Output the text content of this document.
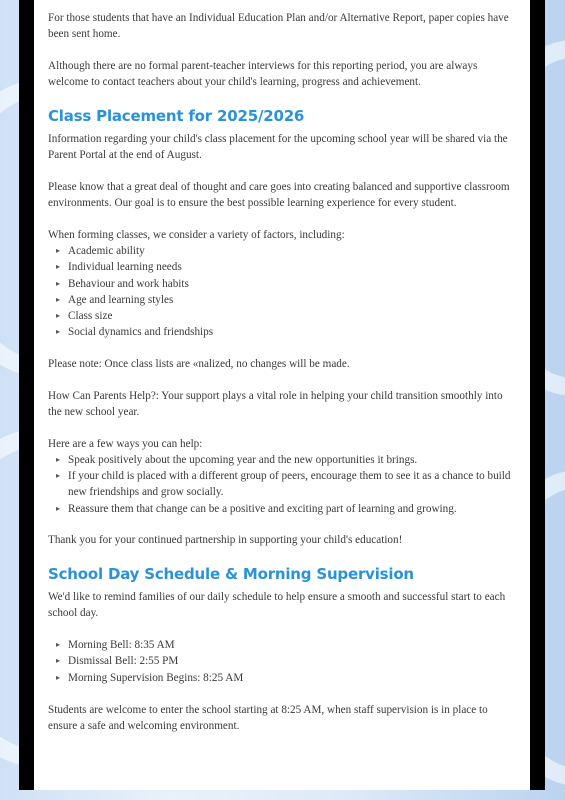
For those students that have an Individual Education Plan and/or Alternative Report, paper copies have been sent home.

Although there are no formal parent-teacher interviews for this reporting period, you are always welcome to contact teachers about your child's learning, progress and achievement.

Class Placement for 2025/2026

Information regarding your child's class placement for the upcoming school year will be shared via the Parent Portal at the end of August.

Please know that a great deal of thought and care goes into creating balanced and supportive classroom environments. Our goal is to ensure the best possible learning experience for every student.

When forming classes, we consider a variety of factors, including:

▸ Academic ability
▸ Individual learning needs
▸ Behaviour and work habits
▸ Age and learning styles
▸ Class size
▸ Social dynamics and friendships

Please note: Once class lists are «nalized, no changes will be made.

How Can Parents Help?: Your support plays a vital role in helping your child transition smoothly into the new school year.

Here are a few ways you can help:

▸ Speak positively about the upcoming year and the new opportunities it brings.
▸ If your child is placed with a different group of peers, encourage them to see it as a chance to build new friendships and grow socially.
▸ Reassure them that change can be a positive and exciting part of learning and growing.

Thank you for your continued partnership in supporting your child's education!

School Day Schedule & Morning Supervision

We'd like to remind families of our daily schedule to help ensure a smooth and successful start to each school day.

▸ Morning Bell: 8:35 AM
▸ Dismissal Bell: 2:55 PM
▸ Morning Supervision Begins: 8:25 AM

Students are welcome to enter the school starting at 8:25 AM, when staff supervision is in place to ensure a safe and welcoming environment.
